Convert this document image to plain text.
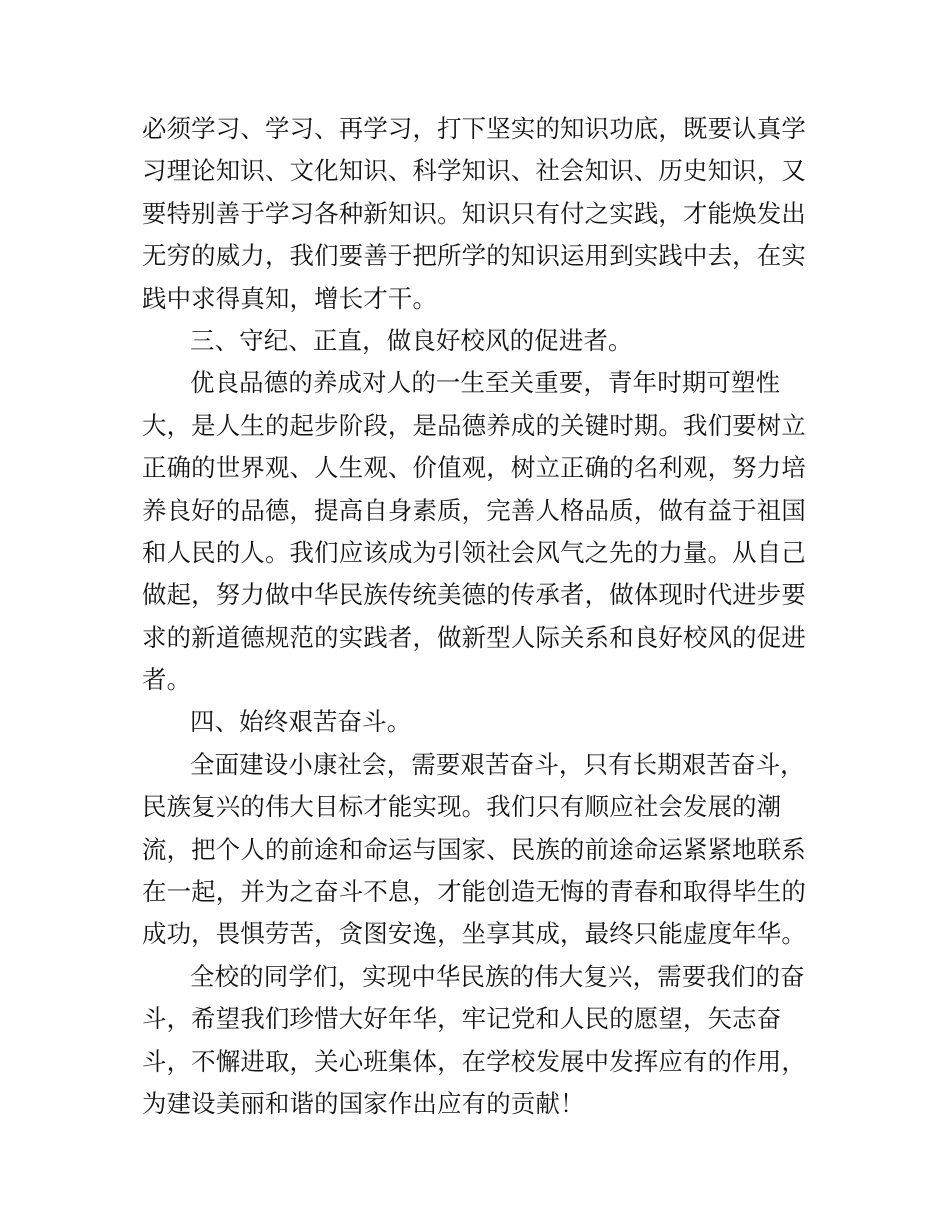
必须学习、学习、再学习，打下坚实的知识功底，既要认真学
习理论知识、文化知识、科学知识、社会知识、历史知识，又
要特别善于学习各种新知识。知识只有付之实践，才能焕发出
无穷的威力，我们要善于把所学的知识运用到实践中去，在实
践中求得真知，增长才干。
三、守纪、正直，做良好校风的促进者。
优良品德的养成对人的一生至关重要，青年时期可塑性
大，是人生的起步阶段，是品德养成的关键时期。我们要树立
正确的世界观、人生观、价值观，树立正确的名利观，努力培
养良好的品德，提高自身素质，完善人格品质，做有益于祖国
和人民的人。我们应该成为引领社会风气之先的力量。从自己
做起，努力做中华民族传统美德的传承者，做体现时代进步要
求的新道德规范的实践者，做新型人际关系和良好校风的促进
者。
四、始终艰苦奋斗。
全面建设小康社会，需要艰苦奋斗，只有长期艰苦奋斗，
民族复兴的伟大目标才能实现。我们只有顺应社会发展的潮
流，把个人的前途和命运与国家、民族的前途命运紧紧地联系
在一起，并为之奋斗不息，才能创造无悔的青春和取得毕生的
成功，畏惧劳苦，贪图安逸，坐享其成，最终只能虚度年华。
全校的同学们，实现中华民族的伟大复兴，需要我们的奋
斗，希望我们珍惜大好年华，牢记党和人民的愿望，矢志奋
斗，不懈进取，关心班集体，在学校发展中发挥应有的作用，
为建设美丽和谐的国家作出应有的贡献！
